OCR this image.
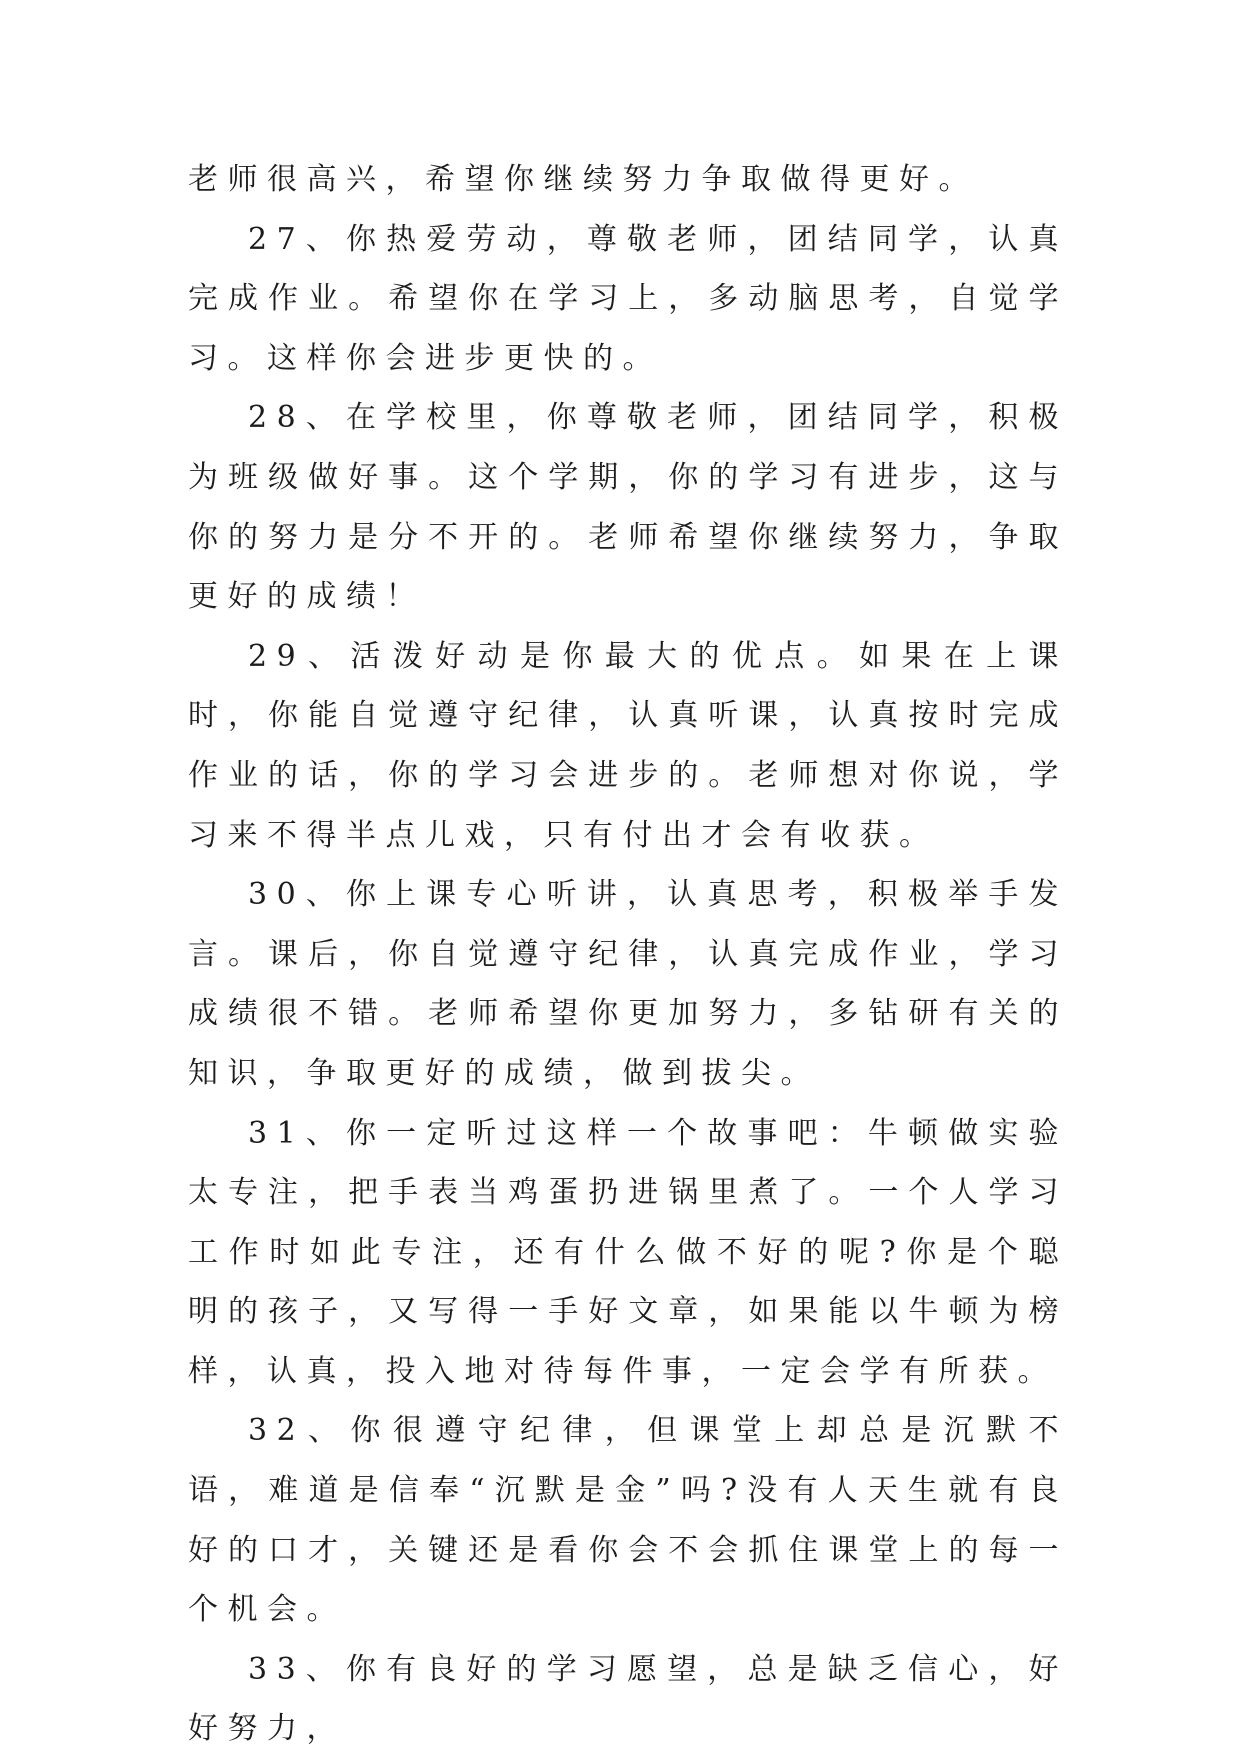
老师很高兴，希望你继续努力争取做得更好。

27、你热爱劳动，尊敬老师，团结同学，认真完成作业。希望你在学习上，多动脑思考，自觉学习。这样你会进步更快的。

28、在学校里，你尊敬老师，团结同学，积极为班级做好事。这个学期，你的学习有进步，这与你的努力是分不开的。老师希望你继续努力，争取更好的成绩！

29、活泼好动是你最大的优点。如果在上课时，你能自觉遵守纪律，认真听课，认真按时完成作业的话，你的学习会进步的。老师想对你说，学习来不得半点儿戏，只有付出才会有收获。

30、你上课专心听讲，认真思考，积极举手发言。课后，你自觉遵守纪律，认真完成作业，学习成绩很不错。老师希望你更加努力，多钻研有关的知识，争取更好的成绩，做到拔尖。

31、你一定听过这样一个故事吧：牛顿做实验太专注，把手表当鸡蛋扔进锅里煮了。一个人学习工作时如此专注，还有什么做不好的呢?你是个聪明的孩子，又写得一手好文章，如果能以牛顿为榜样，认真，投入地对待每件事，一定会学有所获。

32、你很遵守纪律，但课堂上却总是沉默不语，难道是信奉“沉默是金”吗?没有人天生就有良好的口才，关键还是看你会不会抓住课堂上的每一个机会。

33、你有良好的学习愿望，总是缺乏信心，好好努力，
